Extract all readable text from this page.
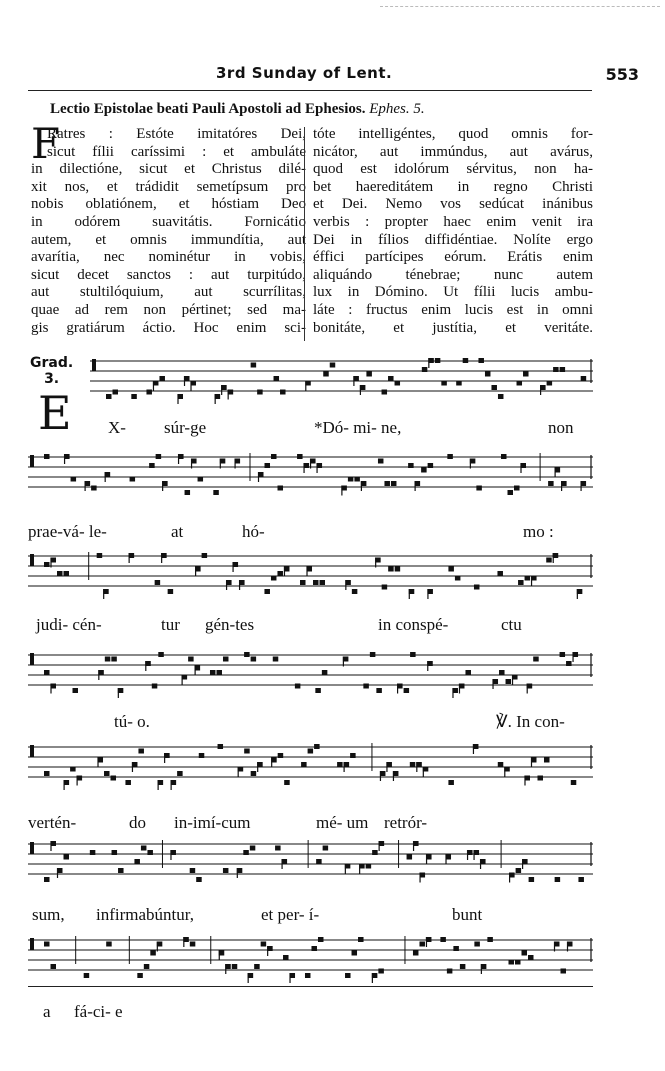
3rd Sunday of Lent.	553
Lectio Epistolae beati Pauli Apostoli ad Ephesios. Ephes. 5.
F
Ratres : Estóte imitatóres Dei,
sicut fílii caríssimi : et ambuláte
in dilectióne, sicut et Christus dilé-
xit nos, et trádidit semetípsum pro
nobis oblatiónem, et hóstiam Deo
in odórem suavitátis. Fornicátio
autem, et omnis immundítia, aut
avarítia, nec nominétur in vobis,
sicut decet sanctos : aut turpitúdo,
aut stultilóquium, aut scurrílitas,
quae ad rem non pértinet; sed ma-
gis gratiárum áctio. Hoc enim sci-
tóte intelligéntes, quod omnis for-
nicátor, aut immúndus, aut avárus,
quod est idolórum sérvitus, non ha-
bet haereditátem in regno Christi
et Dei. Nemo vos sedúcat inánibus
verbis : propter haec enim venit ira
Dei in fílios diffidéntiae. Nolíte ergo
éffici partícipes eórum. Erátis enim
aliquándo ténebrae; nunc autem
lux in Dómino. Ut fílii lucis ambu-
láte : fructus enim lucis est in omni
bonitáte, et justítia, et veritáte.
Grad.
3.
E X- súr-ge	*Dó- mi- ne,	non
prae-vá- le-	at	hó-	mo :
judi- cén-	tur gén-tes	in conspé-	ctu
tú- o.	℣. In con-
vertén-	do in-imí-cum	mé- um retrór-
sum, infirmabúntur,	et per- í-	bunt
a fá-ci- e
